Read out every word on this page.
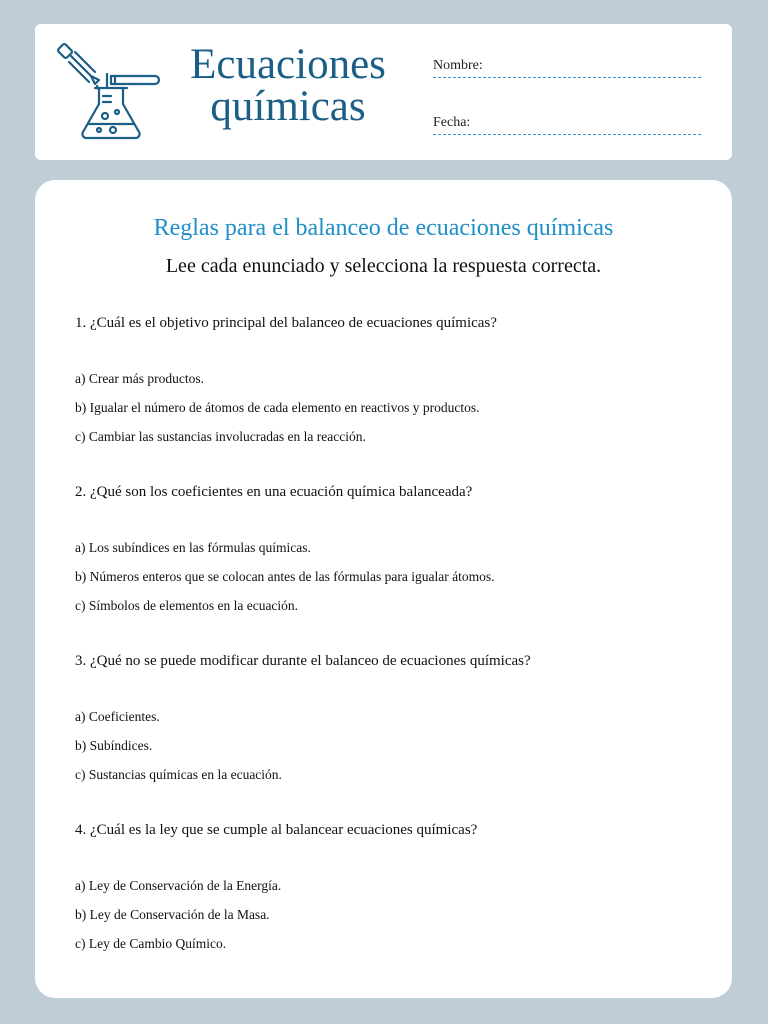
Ecuaciones
químicas
Nombre:
Fecha:
Reglas para el balanceo de ecuaciones químicas
Lee cada enunciado y selecciona la respuesta correcta.

1. ¿Cuál es el objetivo principal del balanceo de ecuaciones químicas?

a) Crear más productos.
b) Igualar el número de átomos de cada elemento en reactivos y productos.
c) Cambiar las sustancias involucradas en la reacción.

2. ¿Qué son los coeficientes en una ecuación química balanceada?

a) Los subíndices en las fórmulas químicas.
b) Números enteros que se colocan antes de las fórmulas para igualar átomos.
c) Símbolos de elementos en la ecuación.

3. ¿Qué no se puede modificar durante el balanceo de ecuaciones químicas?

a) Coeficientes.
b) Subíndices.
c) Sustancias químicas en la ecuación.

4. ¿Cuál es la ley que se cumple al balancear ecuaciones químicas?

a) Ley de Conservación de la Energía.
b) Ley de Conservación de la Masa.
c) Ley de Cambio Químico.
